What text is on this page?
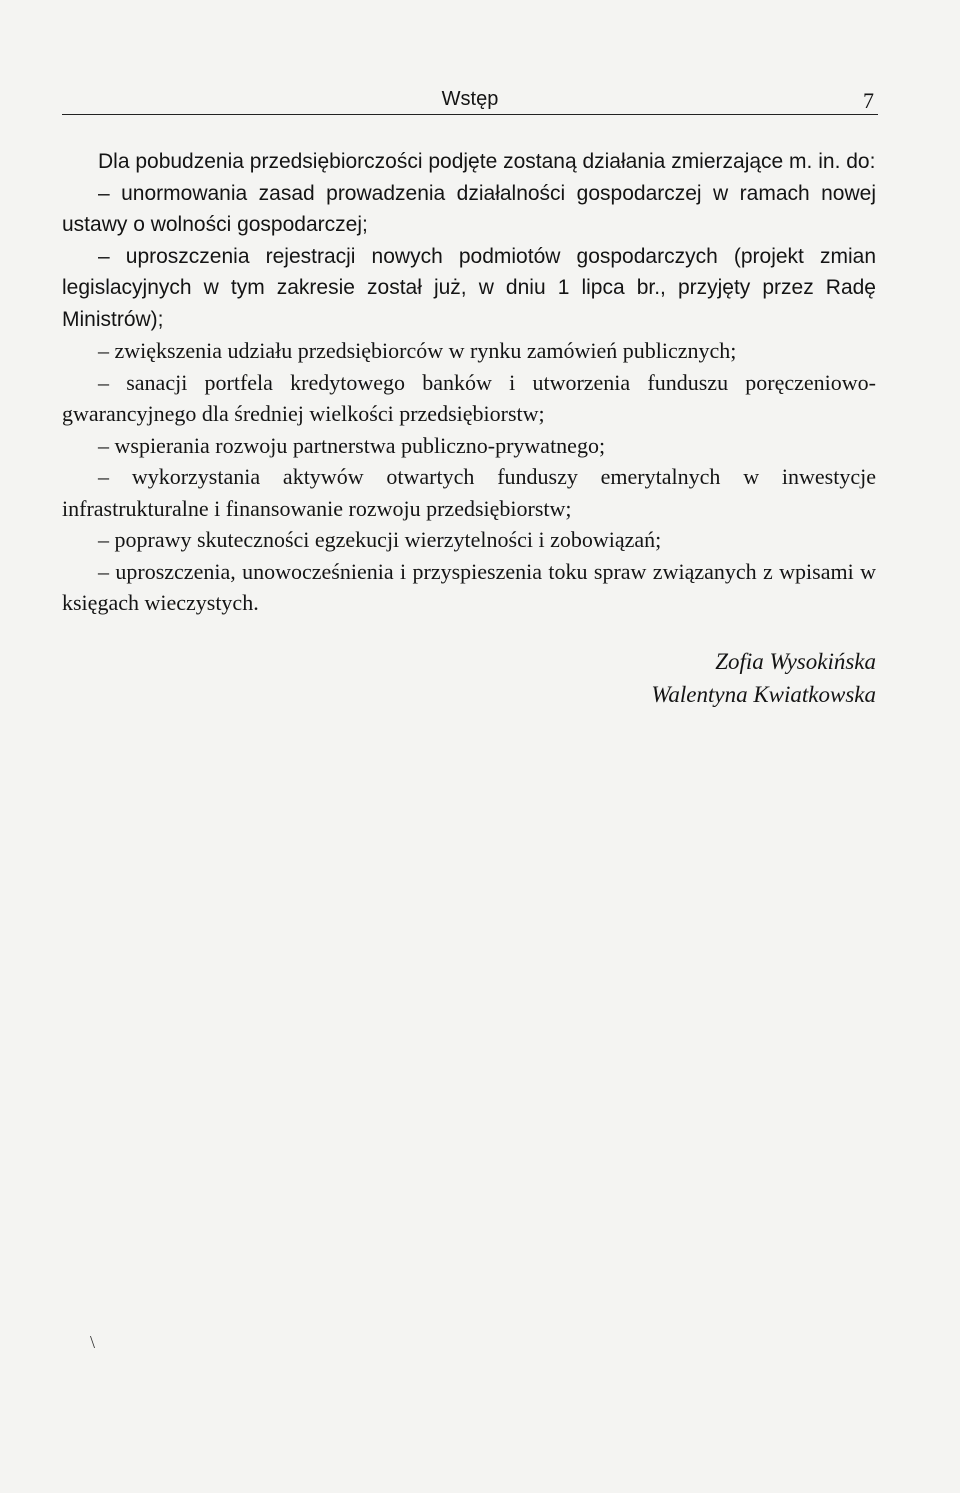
Wstęp	7

Dla pobudzenia przedsiębiorczości podjęte zostaną działania zmierzające m. in. do:

– unormowania zasad prowadzenia działalności gospodarczej w ramach nowej ustawy o wolności gospodarczej;

– uproszczenia rejestracji nowych podmiotów gospodarczych (projekt zmian legislacyjnych w tym zakresie został już, w dniu 1 lipca br., przyjęty przez Radę Ministrów);

– zwiększenia udziału przedsiębiorców w rynku zamówień publicznych;

– sanacji portfela kredytowego banków i utworzenia funduszu poręczeniowo-gwarancyjnego dla średniej wielkości przedsiębiorstw;

– wspierania rozwoju partnerstwa publiczno-prywatnego;

– wykorzystania aktywów otwartych funduszy emerytalnych w inwestycje infrastrukturalne i finansowanie rozwoju przedsiębiorstw;

– poprawy skuteczności egzekucji wierzytelności i zobowiązań;

– uproszczenia, unowocześnienia i przyspieszenia toku spraw związanych z wpisami w księgach wieczystych.

Zofia Wysokińska
Walentyna Kwiatkowska
\
